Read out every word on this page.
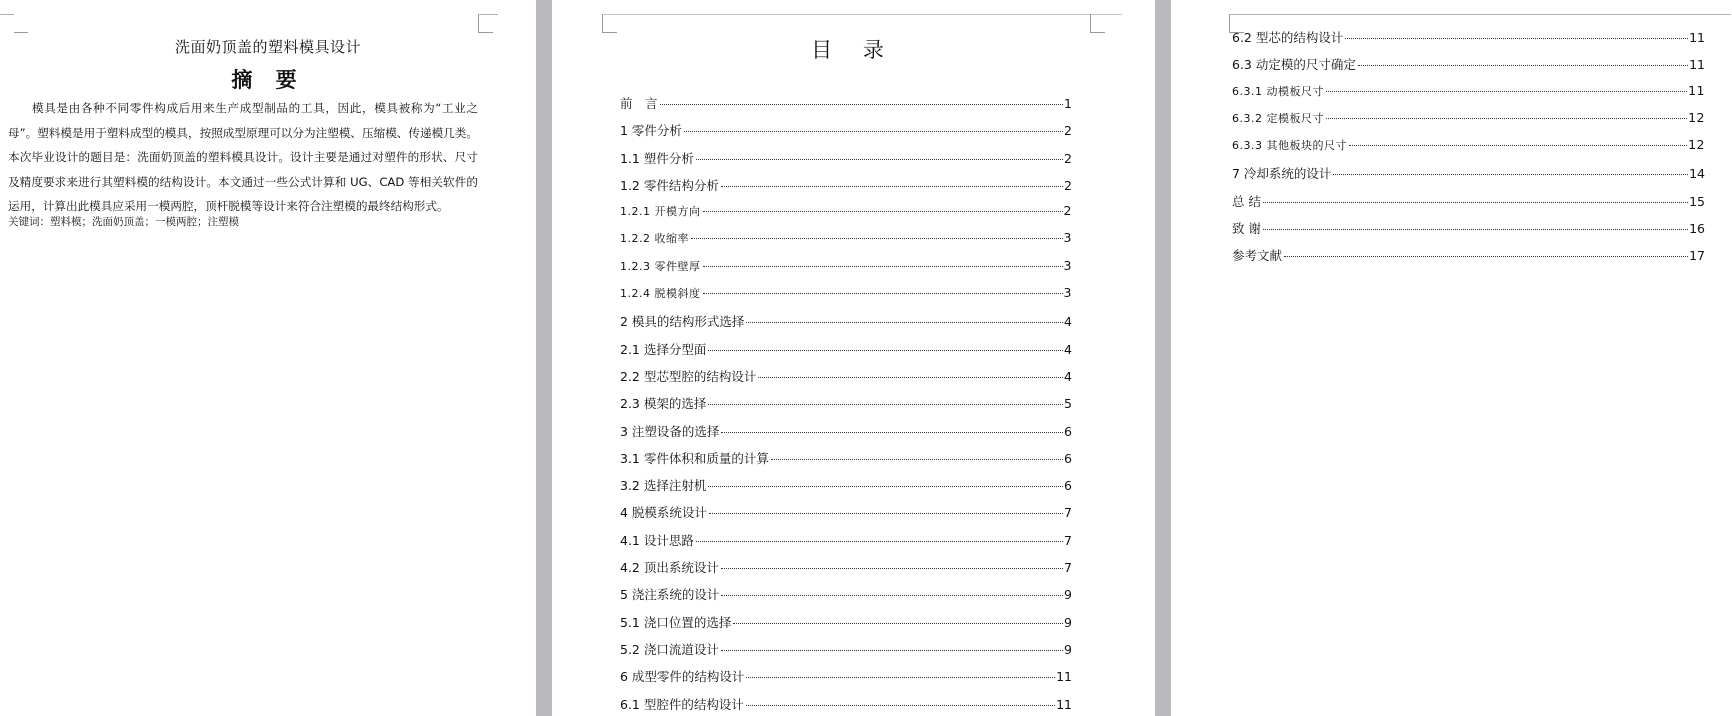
洗面奶顶盖的塑料模具设计
摘 要

模具是由各种不同零件构成后用来生产成型制品的工具，因此，模具被称为“工业之母”。塑料模是用于塑料成型的模具，按照成型原理可以分为注塑模、压缩模、传递模几类。本次毕业设计的题目是：洗面奶顶盖的塑料模具设计。设计主要是通过对塑件的形状、尺寸及精度要求来进行其塑料模的结构设计。本文通过一些公式计算和 UG、CAD 等相关软件的运用，计算出此模具应采用一模两腔，顶杆脱模等设计来符合注塑模的最终结构形式。

关键词：塑料模；洗面奶顶盖；一模两腔；注塑模
目 录
前　言	1
1 零件分析	2
1.1 塑件分析	2
1.2 零件结构分析	2
1.2.1 开模方向	2
1.2.2 收缩率	3
1.2.3 零件壁厚	3
1.2.4 脱模斜度	3
2 模具的结构形式选择	4
2.1 选择分型面	4
2.2 型芯型腔的结构设计	4
2.3 模架的选择	5
3 注塑设备的选择	6
3.1 零件体积和质量的计算	6
3.2 选择注射机	6
4 脱模系统设计	7
4.1 设计思路	7
4.2 顶出系统设计	7
5 浇注系统的设计	9
5.1 浇口位置的选择	9
5.2 浇口流道设计	9
6 成型零件的结构设计	11
6.1 型腔件的结构设计	11
6.2 型芯的结构设计	11
6.3 动定模的尺寸确定	11
6.3.1 动模板尺寸	11
6.3.2 定模板尺寸	12
6.3.3 其他板块的尺寸	12
7 冷却系统的设计	14
总 结	15
致 谢	16
参考文献	17
